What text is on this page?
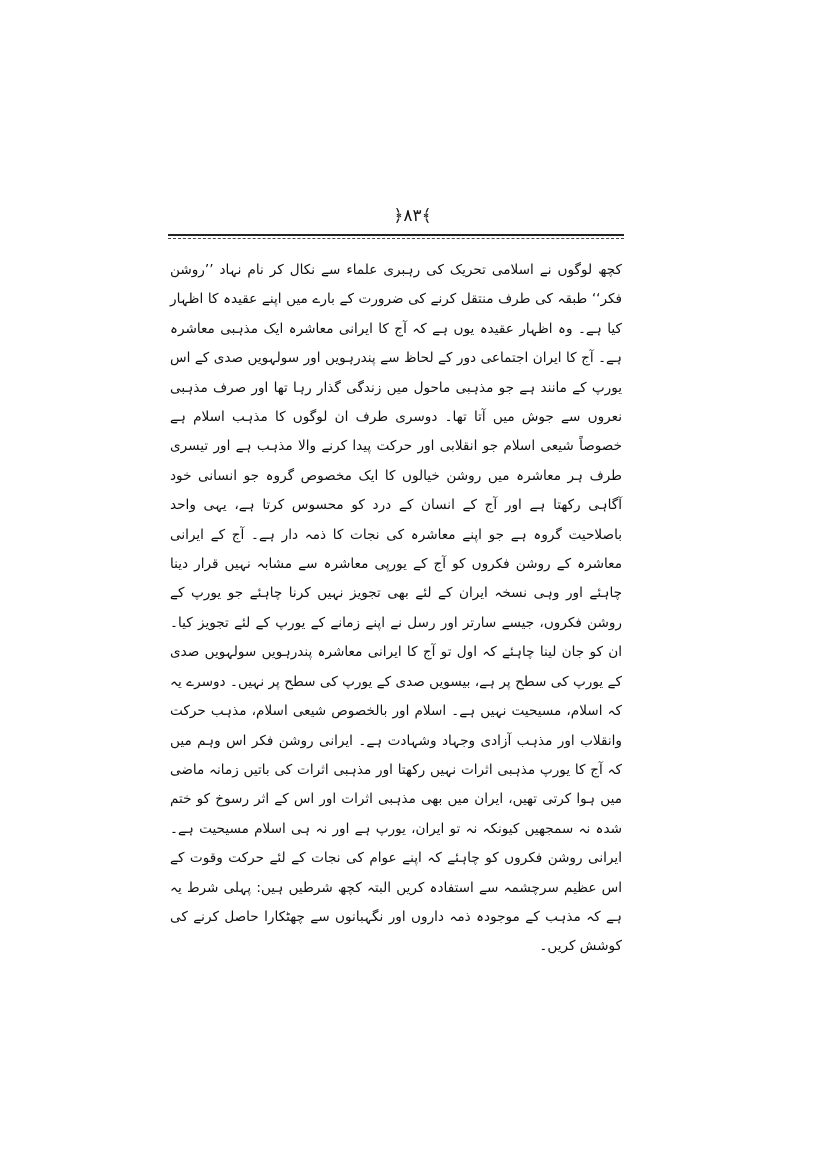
﴿۸۳﴾

کچھ لوگوں نے اسلامی تحریک کی رہبری علماء سے نکال کر نام نہاد ’’روشن فکر‘‘ طبقہ کی طرف منتقل کرنے کی ضرورت کے بارے میں اپنے عقیدہ کا اظہار کیا ہے۔ وہ اظہار عقیدہ یوں ہے کہ آج کا ایرانی معاشرہ ایک مذہبی معاشرہ ہے۔ آج کا ایران اجتماعی دور کے لحاظ سے پندرہویں اور سولہویں صدی کے اس یورپ کے مانند ہے جو مذہبی ماحول میں زندگی گذار رہا تھا اور صرف مذہبی نعروں سے جوش میں آتا تھا۔ دوسری طرف ان لوگوں کا مذہب اسلام ہے خصوصاً شیعی اسلام جو انقلابی اور حرکت پیدا کرنے والا مذہب ہے اور تیسری طرف ہر معاشرہ میں روشن خیالوں کا ایک مخصوص گروہ جو انسانی خود آگاہی رکھتا ہے اور آج کے انسان کے درد کو محسوس کرتا ہے، یہی واحد باصلاحیت گروہ ہے جو اپنے معاشرہ کی نجات کا ذمہ دار ہے۔ آج کے ایرانی معاشرہ کے روشن فکروں کو آج کے یورپی معاشرہ سے مشابہ نہیں قرار دینا چاہئے اور وہی نسخہ ایران کے لئے بھی تجویز نہیں کرنا چاہئے جو یورپ کے روشن فکروں، جیسے سارتر اور رسل نے اپنے زمانے کے یورپ کے لئے تجویز کیا۔ ان کو جان لینا چاہئے کہ اول تو آج کا ایرانی معاشرہ پندرہویں سولہویں صدی کے یورپ کی سطح پر ہے، بیسویں صدی کے یورپ کی سطح پر نہیں۔ دوسرے یہ کہ اسلام، مسیحیت نہیں ہے۔ اسلام اور بالخصوص شیعی اسلام، مذہب حرکت وانقلاب اور مذہب آزادی وجہاد وشہادت ہے۔ ایرانی روشن فکر اس وہم میں کہ آج کا یورپ مذہبی اثرات نہیں رکھتا اور مذہبی اثرات کی باتیں زمانہ ماضی میں ہوا کرتی تھیں، ایران میں بھی مذہبی اثرات اور اس کے اثر رسوخ کو ختم شدہ نہ سمجھیں کیونکہ نہ تو ایران، یورپ ہے اور نہ ہی اسلام مسیحیت ہے۔ ایرانی روشن فکروں کو چاہئے کہ اپنے عوام کی نجات کے لئے حرکت وقوت کے اس عظیم سرچشمہ سے استفادہ کریں البتہ کچھ شرطیں ہیں: پہلی شرط یہ ہے کہ مذہب کے موجودہ ذمہ داروں اور نگہبانوں سے چھٹکارا حاصل کرنے کی کوشش کریں۔
